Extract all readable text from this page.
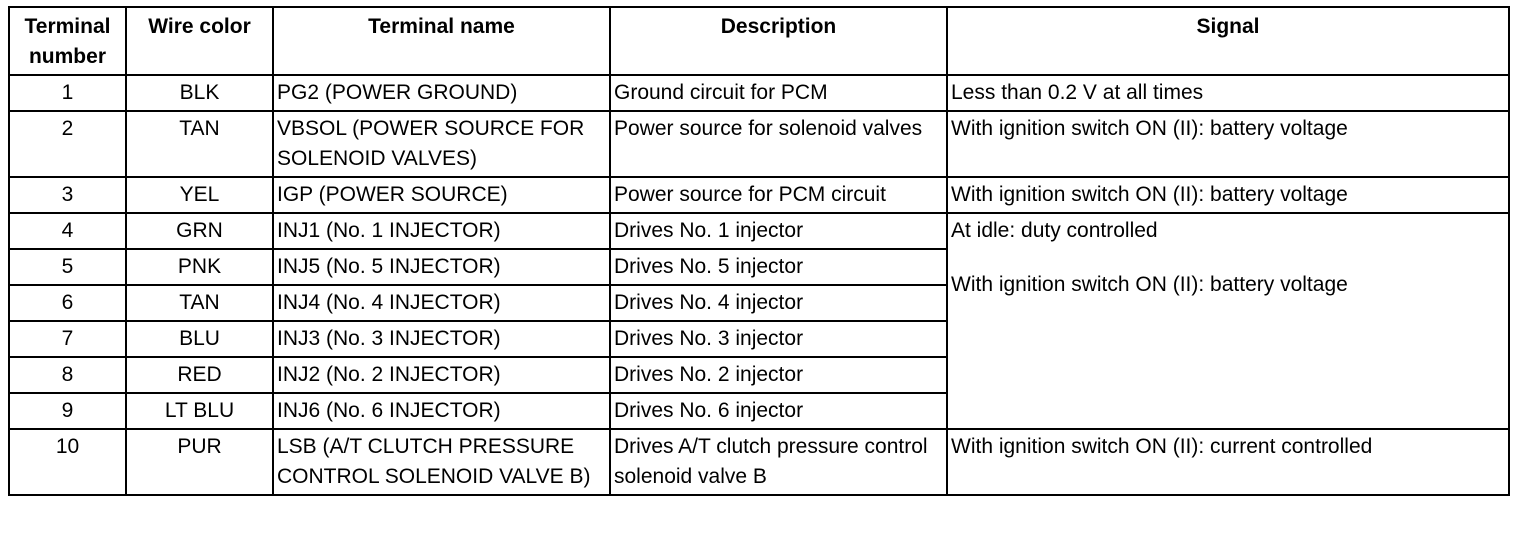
Terminal number	Wire color	Terminal name	Description	Signal
1	BLK	PG2 (POWER GROUND)	Ground circuit for PCM	Less than 0.2 V at all times
2	TAN	VBSOL (POWER SOURCE FOR SOLENOID VALVES)	Power source for solenoid valves	With ignition switch ON (II): battery voltage
3	YEL	IGP (POWER SOURCE)	Power source for PCM circuit	With ignition switch ON (II): battery voltage
4	GRN	INJ1 (No. 1 INJECTOR)	Drives No. 1 injector	At idle: duty controlled
With ignition switch ON (II): battery voltage

5	PNK	INJ5 (No. 5 INJECTOR)	Drives No. 5 injector	
6	TAN	INJ4 (No. 4 INJECTOR)	Drives No. 4 injector	
7	BLU	INJ3 (No. 3 INJECTOR)	Drives No. 3 injector	
8	RED	INJ2 (No. 2 INJECTOR)	Drives No. 2 injector	
9	LT BLU	INJ6 (No. 6 INJECTOR)	Drives No. 6 injector	
10	PUR	LSB (A/T CLUTCH PRESSURE CONTROL SOLENOID VALVE B)	Drives A/T clutch pressure control solenoid valve B	With ignition switch ON (II): current controlled
